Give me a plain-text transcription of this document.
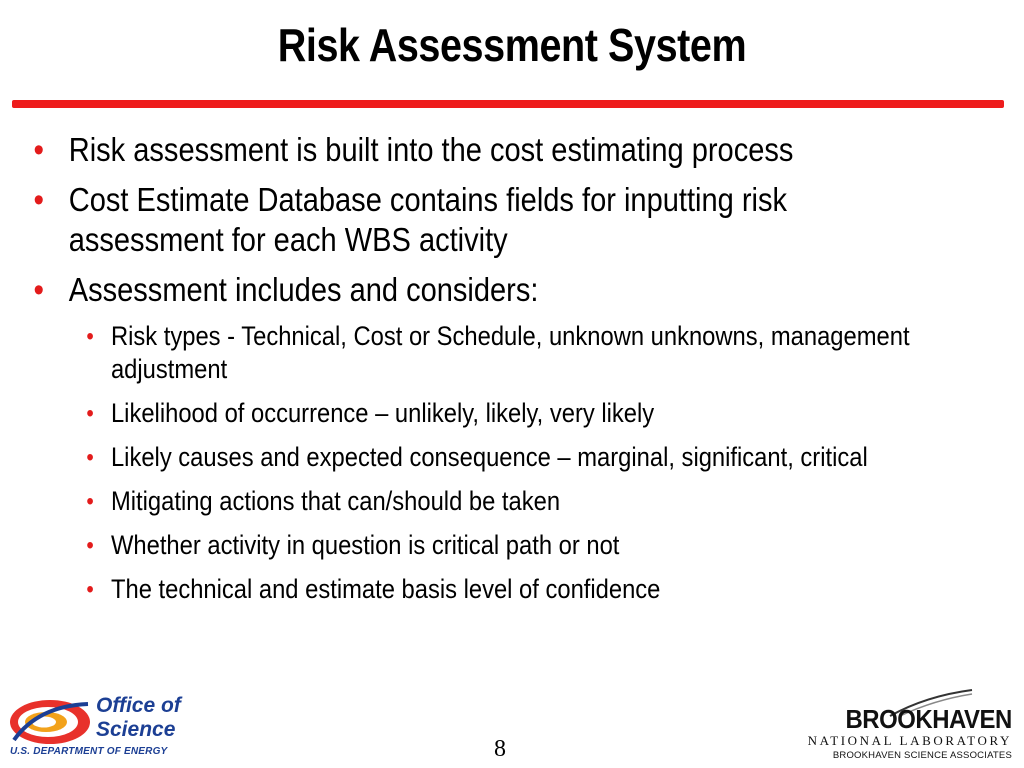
Risk Assessment System
• Risk assessment is built into the cost estimating process
• Cost Estimate Database contains fields for inputting risk assessment for each WBS activity
• Assessment includes and considers:
• Risk types - Technical, Cost or Schedule, unknown unknowns, management adjustment
• Likelihood of occurrence – unlikely, likely, very likely
• Likely causes and expected consequence – marginal, significant, critical
• Mitigating actions that can/should be taken
• Whether activity in question is critical path or not
• The technical and estimate basis level of confidence
Office of
Science
U.S. DEPARTMENT OF ENERGY	8
BROOKHAVEN
NATIONAL LABORATORY
BROOKHAVEN SCIENCE ASSOCIATES
